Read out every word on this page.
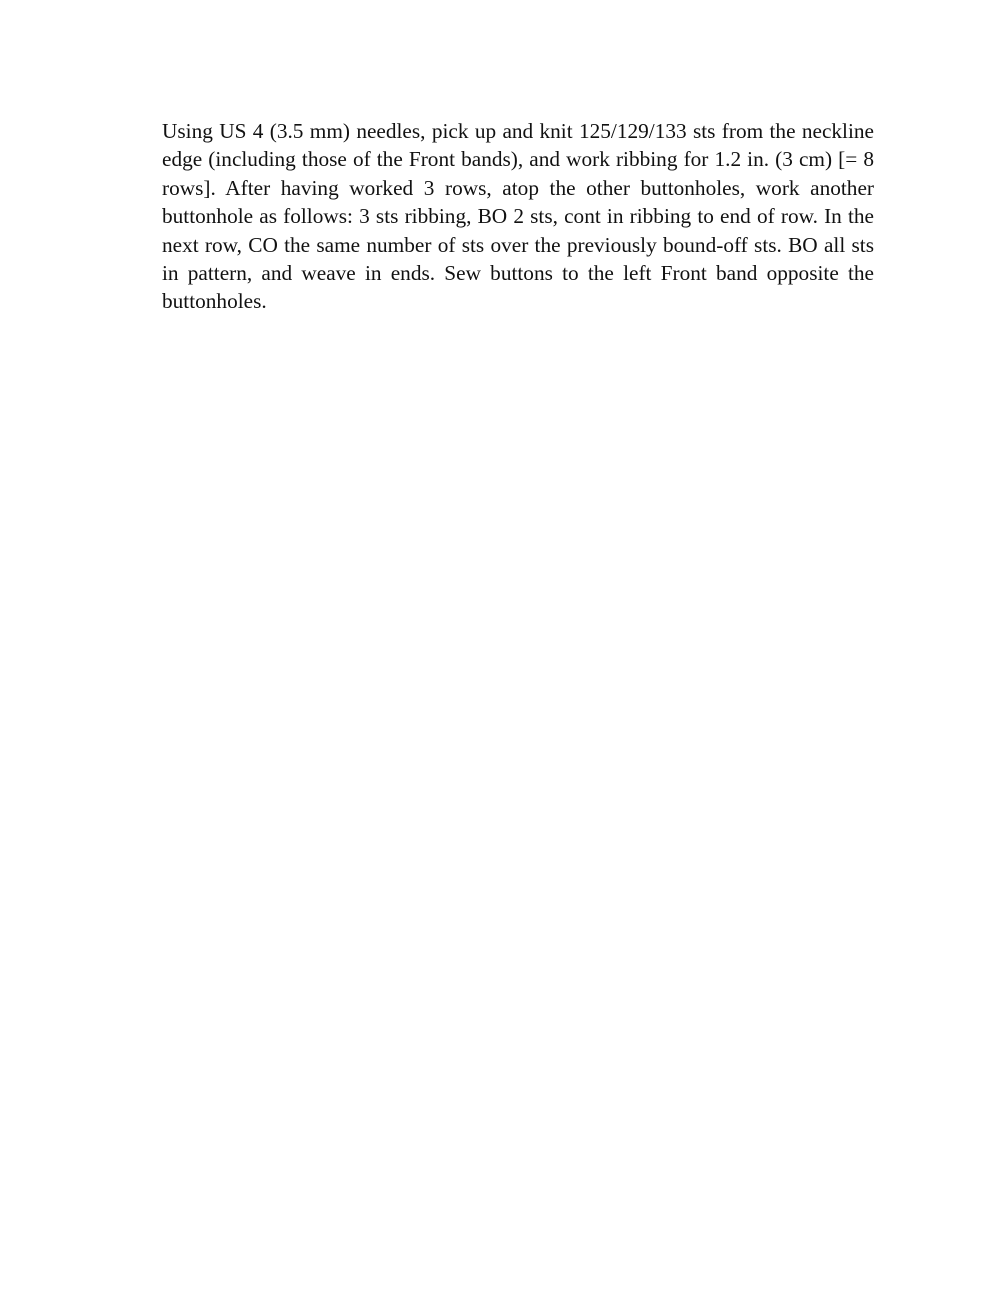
Using US 4 (3.5 mm) needles, pick up and knit 125/129/133 sts from the neckline edge (including those of the Front bands), and work ribbing for 1.2 in. (3 cm) [= 8 rows]. After having worked 3 rows, atop the other buttonholes, work another buttonhole as follows: 3 sts ribbing, BO 2 sts, cont in ribbing to end of row. In the next row, CO the same number of sts over the previously bound-off sts. BO all sts in pattern, and weave in ends. Sew buttons to the left Front band opposite the buttonholes.
